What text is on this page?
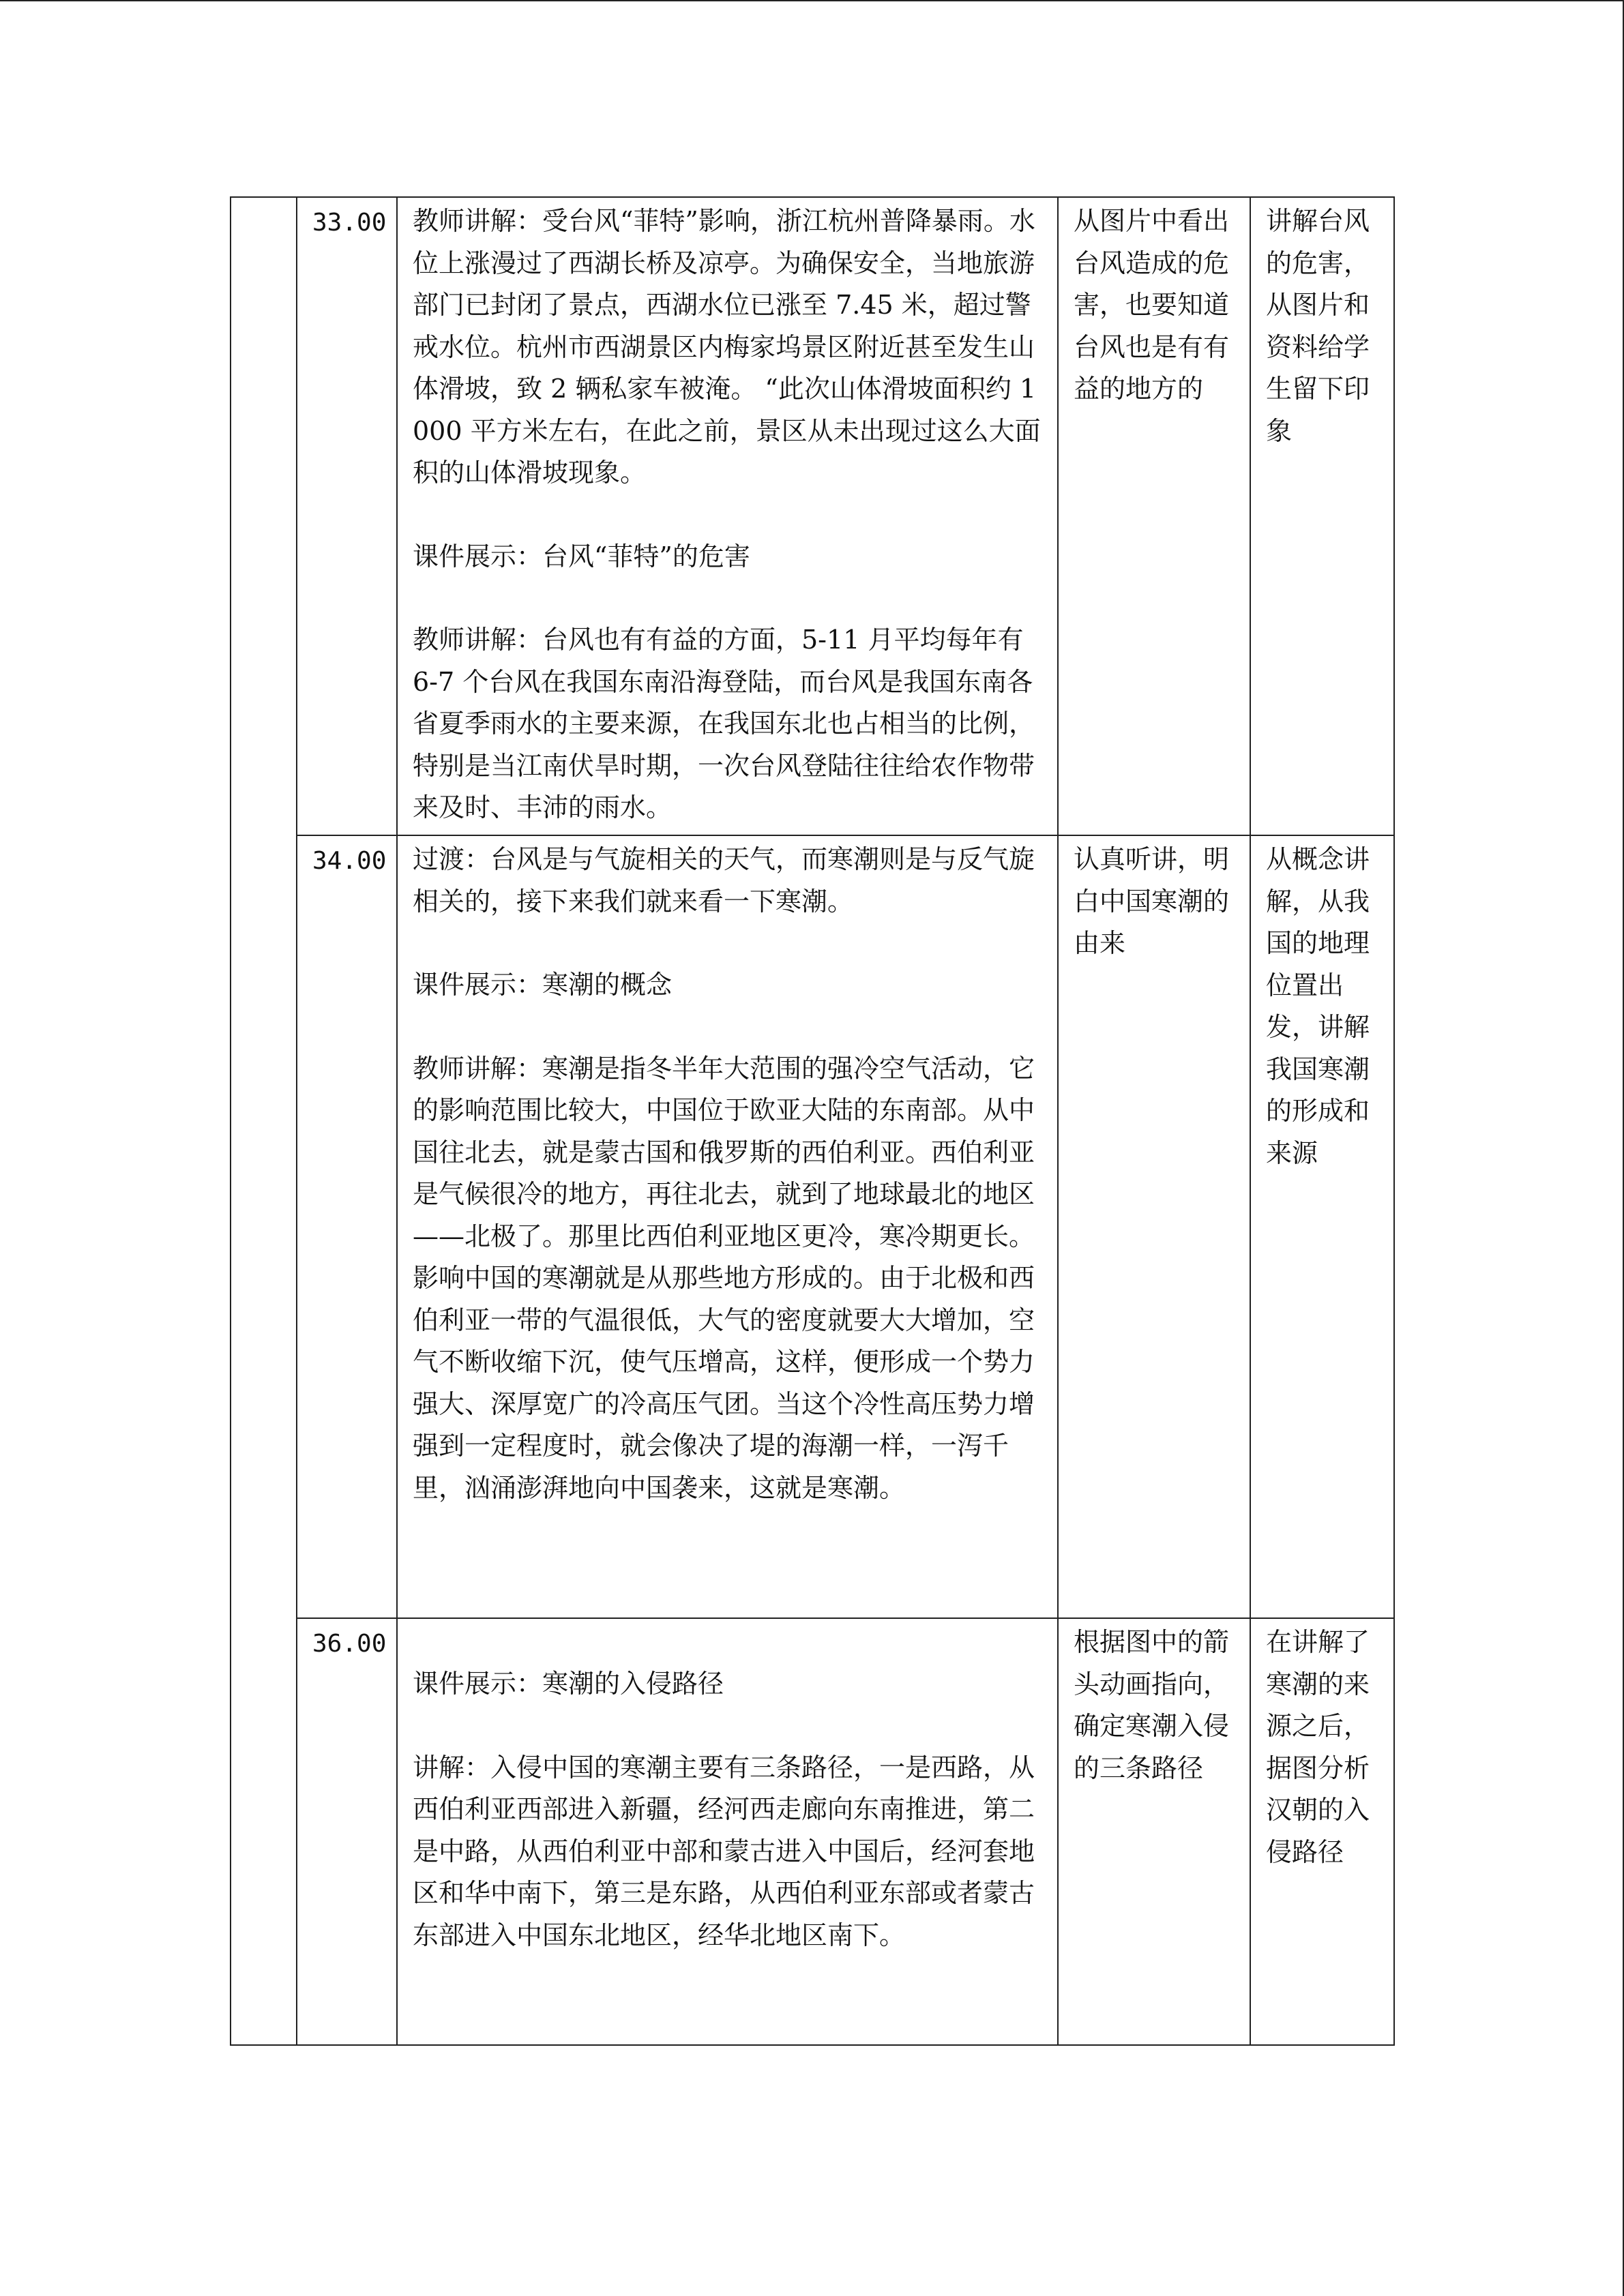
	33.00	教师讲解：受台风“菲特”影响，浙江杭州普降暴雨。水位上涨漫过了西湖长桥及凉亭。为确保安全，当地旅游部门已封闭了景点，西湖水位已涨至 7.45 米，超过警戒水位。杭州市西湖景区内梅家坞景区附近甚至发生山体滑坡，致 2 辆私家车被淹。 “此次山体滑坡面积约 1000 平方米左右，在此之前，景区从未出现过这么大面积的山体滑坡现象。

课件展示：台风“菲特”的危害

教师讲解：台风也有有益的方面，5-11 月平均每年有 6-7 个台风在我国东南沿海登陆，而台风是我国东南各省夏季雨水的主要来源，在我国东北也占相当的比例，特别是当江南伏旱时期，一次台风登陆往往给农作物带来及时、丰沛的雨水。	从图片中看出台风造成的危害，也要知道台风也是有有益的地方的	讲解台风的危害，从图片和资料给学生留下印象

	34.00	过渡：台风是与气旋相关的天气，而寒潮则是与反气旋相关的，接下来我们就来看一下寒潮。

课件展示：寒潮的概念

教师讲解：寒潮是指冬半年大范围的强冷空气活动，它的影响范围比较大，中国位于欧亚大陆的东南部。从中国往北去，就是蒙古国和俄罗斯的西伯利亚。西伯利亚是气候很冷的地方，再往北去，就到了地球最北的地区——北极了。那里比西伯利亚地区更冷，寒冷期更长。影响中国的寒潮就是从那些地方形成的。由于北极和西伯利亚一带的气温很低，大气的密度就要大大增加，空气不断收缩下沉，使气压增高，这样，便形成一个势力强大、深厚宽广的冷高压气团。当这个冷性高压势力增强到一定程度时，就会像决了堤的海潮一样，一泻千里，汹涌澎湃地向中国袭来，这就是寒潮。	认真听讲，明白中国寒潮的由来	从概念讲解，从我国的地理位置出发，讲解我国寒潮的形成和来源

	36.00	课件展示：寒潮的入侵路径

讲解：入侵中国的寒潮主要有三条路径，一是西路，从西伯利亚西部进入新疆，经河西走廊向东南推进，第二是中路，从西伯利亚中部和蒙古进入中国后，经河套地区和华中南下，第三是东路，从西伯利亚东部或者蒙古东部进入中国东北地区，经华北地区南下。	根据图中的箭头动画指向，确定寒潮入侵的三条路径	在讲解了寒潮的来源之后，据图分析汉朝的入侵路径
